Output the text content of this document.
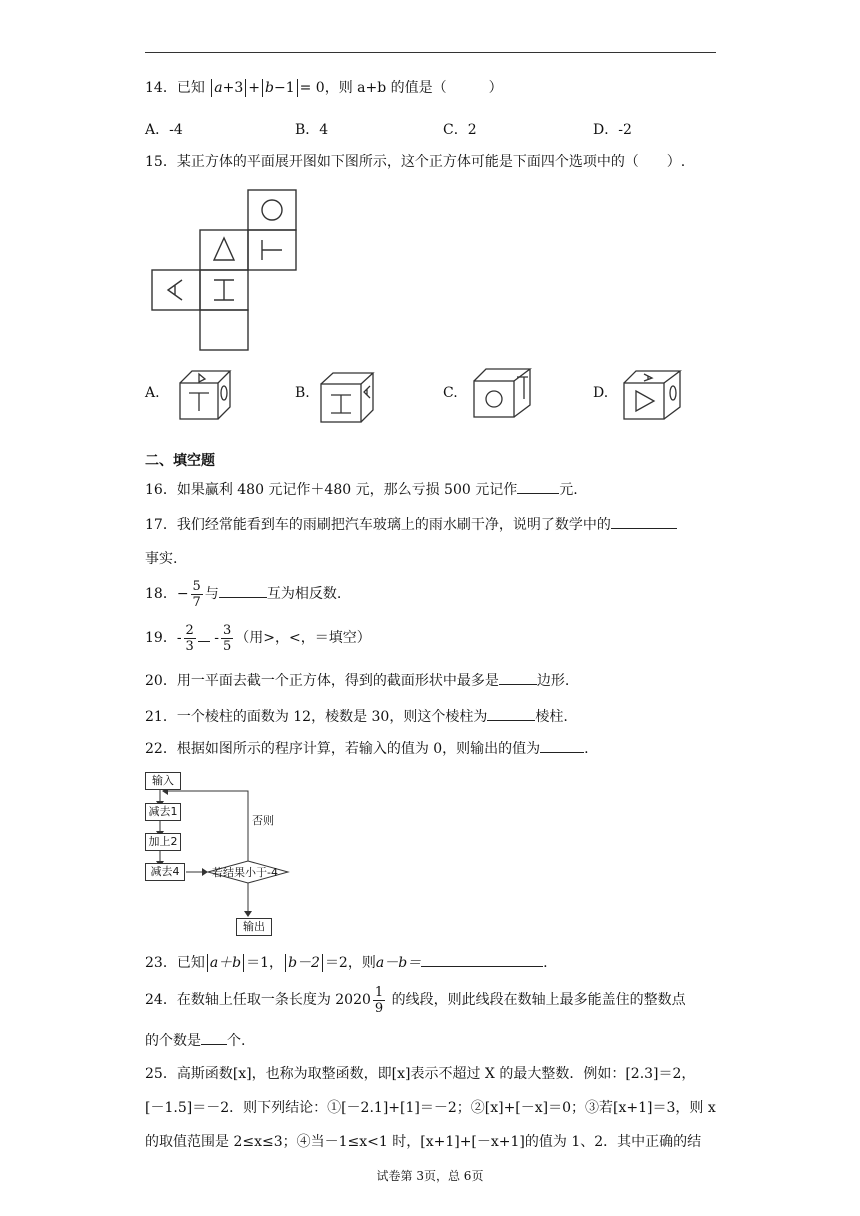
14．已知 a+3 + b−1 = 0，则 a+b 的值是（　　　）
A．-4	B．4	C．2	D．-2
15．某正方体的平面展开图如下图所示，这个正方体可能是下面四个选项中的（　　）.
A.	B.	C.	D.
二、填空题
16．如果赢利 480 元记作＋480 元，那么亏损 500 元记作	元.
17．我们经常能看到车的雨刷把汽车玻璃上的雨水刷干净，说明了数学中的
事实.
18．− $\frac{5}{7}$ 与	互为相反数.
19．- $\frac{2}{3} - \frac{3}{5}$ （用>，<，＝填空）
20．用一平面去截一个正方体，得到的截面形状中最多是	边形.
21．一个棱柱的面数为 12，棱数是 30，则这个棱柱为	棱柱.
22．根据如图所示的程序计算，若输入的值为 0，则输出的值为	.
输入
减去1
加上2
减去4	若结果小于-4
否则
输出
23．已知 a＋b ＝1， b－2 ＝2，则a－b＝	.
24．在数轴上任取一条长度为 $2020 \frac{1}{9}$ 的线段，则此线段在数轴上最多能盖住的整数点
的个数是 个.
25．高斯函数[x]，也称为取整函数，即[x]表示不超过 X 的最大整数．例如：[2.3]＝2，
[－1.5]＝－2．则下列结论：①[－2.1]+[1]＝－2；②[x]+[－x]＝0；③若[x+1]＝3，则 x
的取值范围是 2≤x≤3；④当－1≤x<1 时，[x+1]+[－x+1]的值为 1、2．其中正确的结
试卷第 3页，总 6页
